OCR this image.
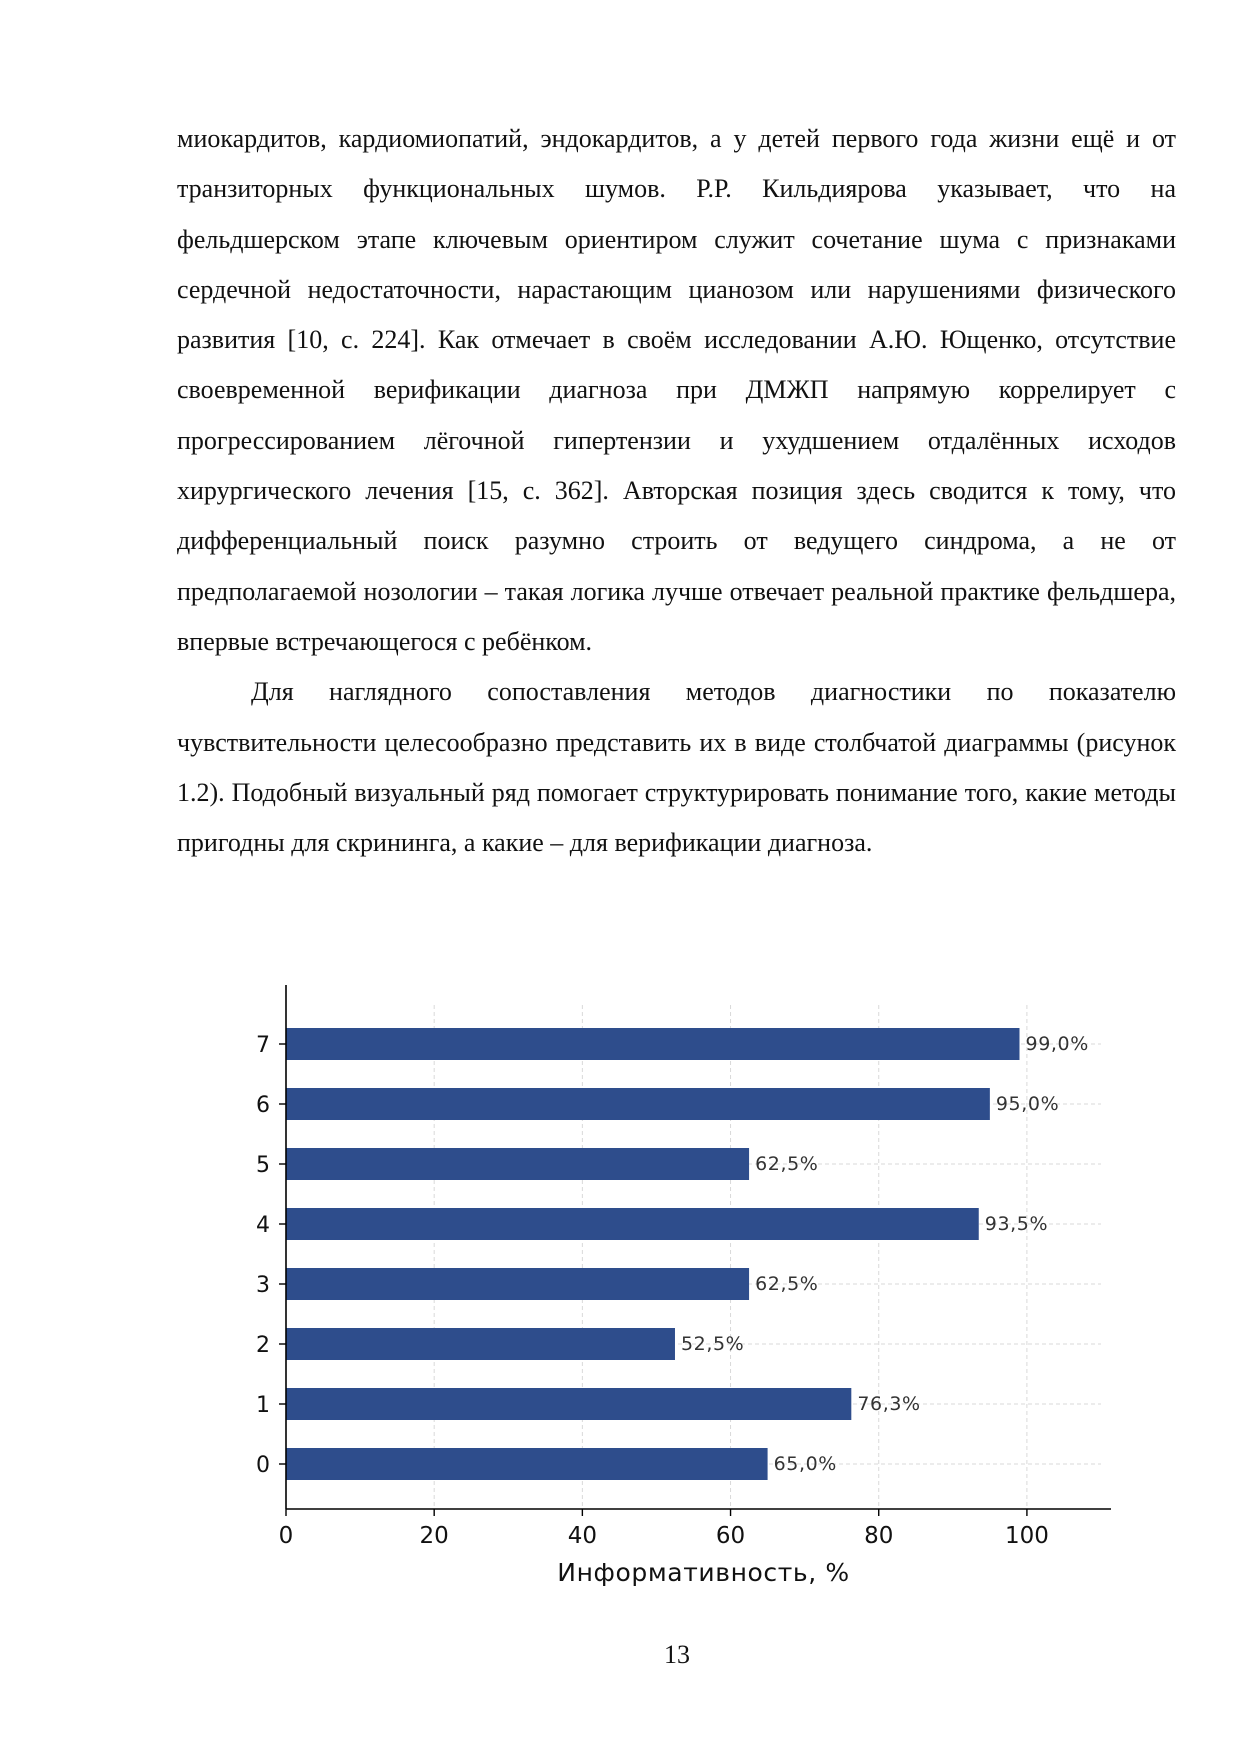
миокардитов, кардиомиопатий, эндокардитов, а у детей первого года жизни ещё и от транзиторных функциональных шумов. Р.Р. Кильдиярова указывает, что на фельдшерском этапе ключевым ориентиром служит сочетание шума с признаками сердечной недостаточности, нарастающим цианозом или нарушениями физического развития [10, с. 224]. Как отмечает в своём исследовании А.Ю. Ющенко, отсутствие своевременной верификации диагноза при ДМЖП напрямую коррелирует с прогрессированием лёгочной гипертензии и ухудшением отдалённых исходов хирургического лечения [15, с. 362]. Авторская позиция здесь сводится к тому, что дифференциальный поиск разумно строить от ведущего синдрома, а не от предполагаемой нозологии – такая логика лучше отвечает реальной практике фельдшера, впервые встречающегося с ребёнком.

Для наглядного сопоставления методов диагностики по показателю чувствительности целесообразно представить их в виде столбчатой диаграммы (рисунок 1.2). Подобный визуальный ряд помогает структурировать понимание того, какие методы пригодны для скрининга, а какие – для верификации диагноза.

65,0%
76,3%
52,5%
62,5%
93,5%
62,5%
95,0%
99,0%
0
1
2
3
4
5
6
7
0	20	40	60	80	100
Информативность, %
13
